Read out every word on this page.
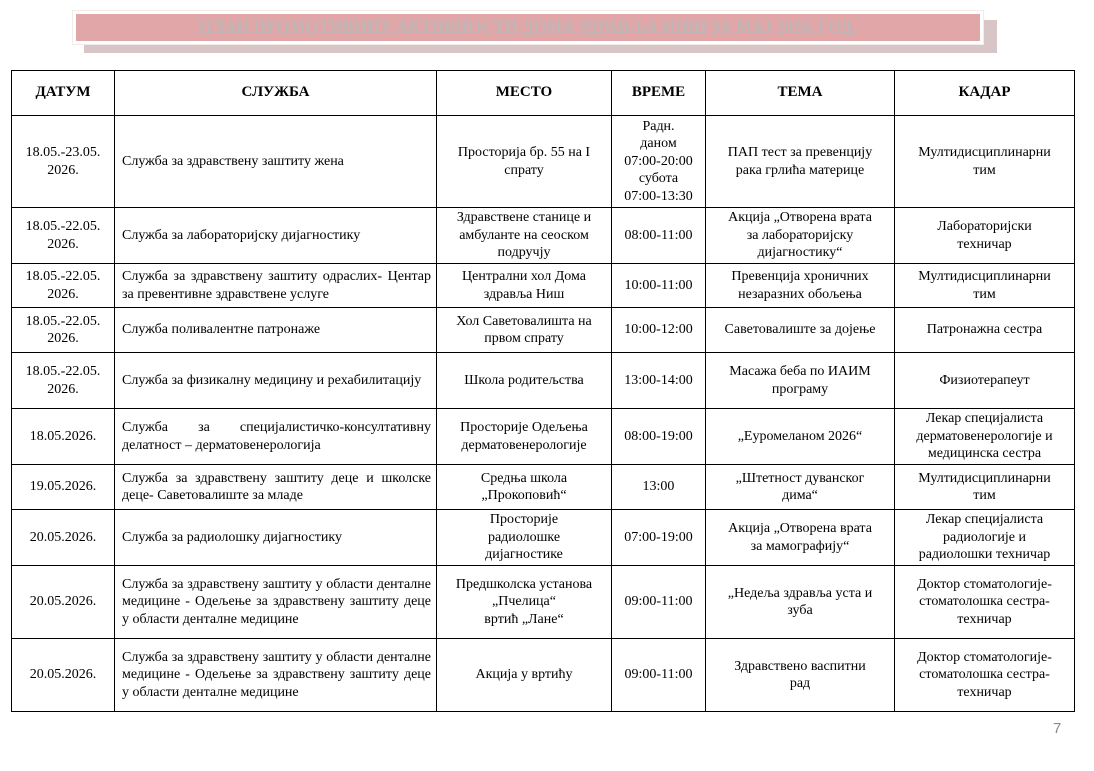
ПЛАН ПРОМОТИВНИХ АКТИВНОСТИ ДОМА ЗДРАВЉА НИШ ЗА МАЈ 2026. ГОД.
ДАТУМ	СЛУЖБА	МЕСТО	ВРЕМЕ	ТЕМА	КАДАР

18.05.-23.05.
2026.	Служба за здравствену заштиту жена	Просторија бр. 55 на I
спрату	Радн.
даном
07:00-20:00
субота
07:00-13:30	ПАП тест за превенцију
рака грлића материце	Мултидисциплинарни
тим

18.05.-22.05.
2026.	Служба за лабораторијску дијагностику	Здравствене станице и
амбуланте на сеоском
подручју	08:00-11:00	Акција „Отворена врата
за лабораторијску
дијагностику“	Лабораторијски
техничар

18.05.-22.05.
2026.	Служба за здравствену заштиту одраслих- Центар за превентивне здравствене услуге	Централни хол Дома
здравља Ниш	10:00-11:00	Превенција хроничних
незаразних обољења	Мултидисциплинарни
тим

18.05.-22.05.
2026.	Служба поливалентне патронаже	Хол Саветовалишта на
првом спрату	10:00-12:00	Саветовалиште за дојење	Патронажна сестра

18.05.-22.05.
2026.	Служба за физикалну медицину и рехабилитацију	Школа родитељства	13:00-14:00	Масажа беба по ИАИМ
програму	Физиотерапеут

18.05.2026.	Служба за специјалистичко-консултативну делатност – дерматовенерологија	Просторије Одељења
дерматовенерологије	08:00-19:00	„Еуромеланом 2026“	Лекар специјалиста
дерматовенерологије и
медицинска сестра

19.05.2026.	Служба за здравствену заштиту деце и школске деце- Саветовалиште за младе	Средња школа
„Прокоповић“	13:00	„Штетност дуванског
дима“	Мултидисциплинарни
тим

20.05.2026.	Служба за радиолошку дијагностику	Просторије
радиолошке
дијагностике	07:00-19:00	Акција „Отворена врата
за мамографију“	Лекар специјалиста
радиологије и
радиолошки техничар

20.05.2026.	Служба за здравствену заштиту у области денталне медицине - Одељење за здравствену заштиту деце у области денталне медицине	Предшколска установа
„Пчелица“
вртић „Лане“	09:00-11:00	„Недеља здравља уста и
зуба	Доктор стоматологије-
стоматолошка сестра-
техничар

20.05.2026.	Служба за здравствену заштиту у области денталне медицине - Одељење за здравствену заштиту деце у области денталне медицине	Акција у вртићу	09:00-11:00	Здравствено васпитни
рад	Доктор стоматологије-
стоматолошка сестра-
техничар
7
